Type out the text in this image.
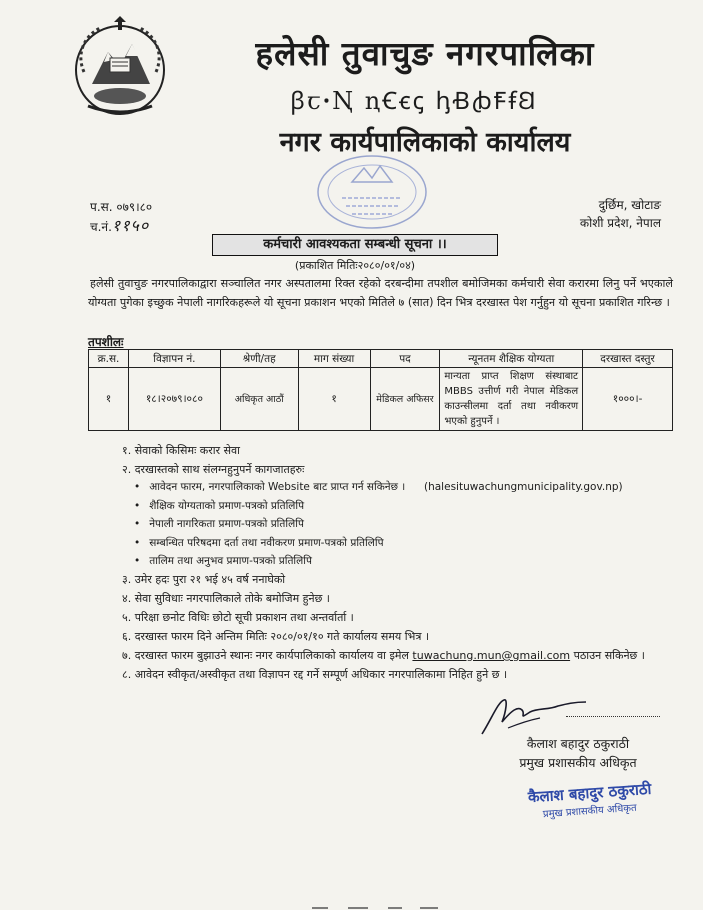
हलेसी तुवाचुङ नगरपालिका
ꞵꞇꞏꞐ ꞑꞒꞓꞔ ꞕꞖꞗꞘꞙꞚ
नगर कार्यपालिकाको कार्यालय
प.स. ०७९।८०
च.नं.११५०
दुर्छिम, खोटाङ
कोशी प्रदेश, नेपाल
कर्मचारी आवश्यकता सम्बन्धी सूचना ।।
(प्रकाशित मितिः२०८०/०१/०४)
हलेसी तुवाचुङ नगरपालिकाद्वारा सञ्चालित नगर अस्पतालमा रिक्त रहेको दरबन्दीमा तपशील बमोजिमका कर्मचारी सेवा करारमा लिनु पर्ने भएकाले योग्यता पुगेका इच्छुक नेपाली नागरिकहरूले यो सूचना प्रकाशन भएको मितिले ७ (सात) दिन भित्र दरखास्त पेश गर्नुहुन यो सूचना प्रकाशित गरिन्छ ।
तपशीलः
क्र.स.	विज्ञापन नं.	श्रेणी/तह	माग संख्या	पद	न्यूनतम शैक्षिक योग्यता	दरखास्त दस्तुर
१	१८।२०७९।०८०	अधिकृत आठौं	१	मेडिकल अफिसर	मान्यता प्राप्त शिक्षण संस्थाबाट MBBS उत्तीर्ण गरी नेपाल मेडिकल काउन्सीलमा दर्ता तथा नवीकरण भएको हुनुपर्ने ।	१०००।-
१. सेवाको किसिमः करार सेवा
२. दरखास्तको साथ संलग्नहुनुपर्ने कागजातहरुः
• आवेदन फारम, नगरपालिकाको Website बाट प्राप्त गर्न सकिनेछ । (halesituwachungmunicipality.gov.np)
• शैक्षिक योग्यताको प्रमाण-पत्रको प्रतिलिपि
• नेपाली नागरिकता प्रमाण-पत्रको प्रतिलिपि
• सम्बन्धित परिषदमा दर्ता तथा नवीकरण प्रमाण-पत्रको प्रतिलिपि
• तालिम तथा अनुभव प्रमाण-पत्रको प्रतिलिपि
३. उमेर हदः पुरा २१ भई ४५ वर्ष ननाघेको
४. सेवा सुविधाः नगरपालिकाले तोके बमोजिम हुनेछ ।
५. परिक्षा छनोट विधिः छोटो सूची प्रकाशन तथा अन्तर्वार्ता ।
६. दरखास्त फारम दिने अन्तिम मितिः २०८०/०१/१० गते कार्यालय समय भित्र ।
७. दरखास्त फारम बुझाउने स्थानः नगर कार्यपालिकाको कार्यालय वा इमेल tuwachung.mun@gmail.com पठाउन सकिनेछ ।
८. आवेदन स्वीकृत/अस्वीकृत तथा विज्ञापन रद्द गर्ने सम्पूर्ण अधिकार नगरपालिकामा निहित हुने छ ।
कैलाश बहादुर ठकुराठी
प्रमुख प्रशासकीय अधिकृत
कैलाश बहादुर ठकुराठी
प्रमुख प्रशासकीय अधिकृत
